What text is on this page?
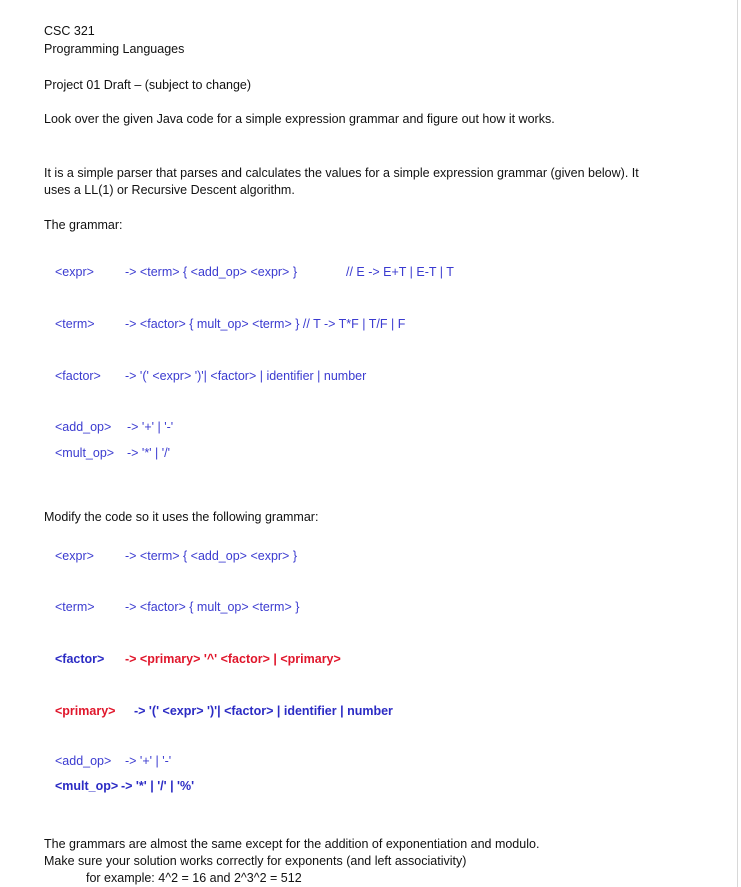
CSC 321
Programming Languages
Project 01 Draft – (subject to change)
Look over the given Java code for a simple expression grammar and figure out how it works.
It is a simple parser that parses and calculates the values for a simple expression grammar (given below). It
uses a LL(1) or Recursive Descent algorithm.
The grammar:
<expr> -> <term> { <add_op> <expr> }	// E -> E+T | E-T | T
<term> -> <factor> { mult_op> <term> } // T -> T*F | T/F | F
<factor> -> '(' <expr> ')'| <factor> | identifier | number
<add_op> -> '+' | '-'
<mult_op> -> '*' | '/'
Modify the code so it uses the following grammar:
<expr> -> <term> { <add_op> <expr> }
<term> -> <factor> { mult_op> <term> }
<factor> -> <primary> '^' <factor> | <primary>
<primary> -> '(' <expr> ')'| <factor> | identifier | number
<add_op> -> '+' | '-'
<mult_op> -> '*' | '/' | '%'
The grammars are almost the same except for the addition of exponentiation and modulo.
Make sure your solution works correctly for exponents (and left associativity)
for example: 4^2 = 16 and 2^3^2 = 512
